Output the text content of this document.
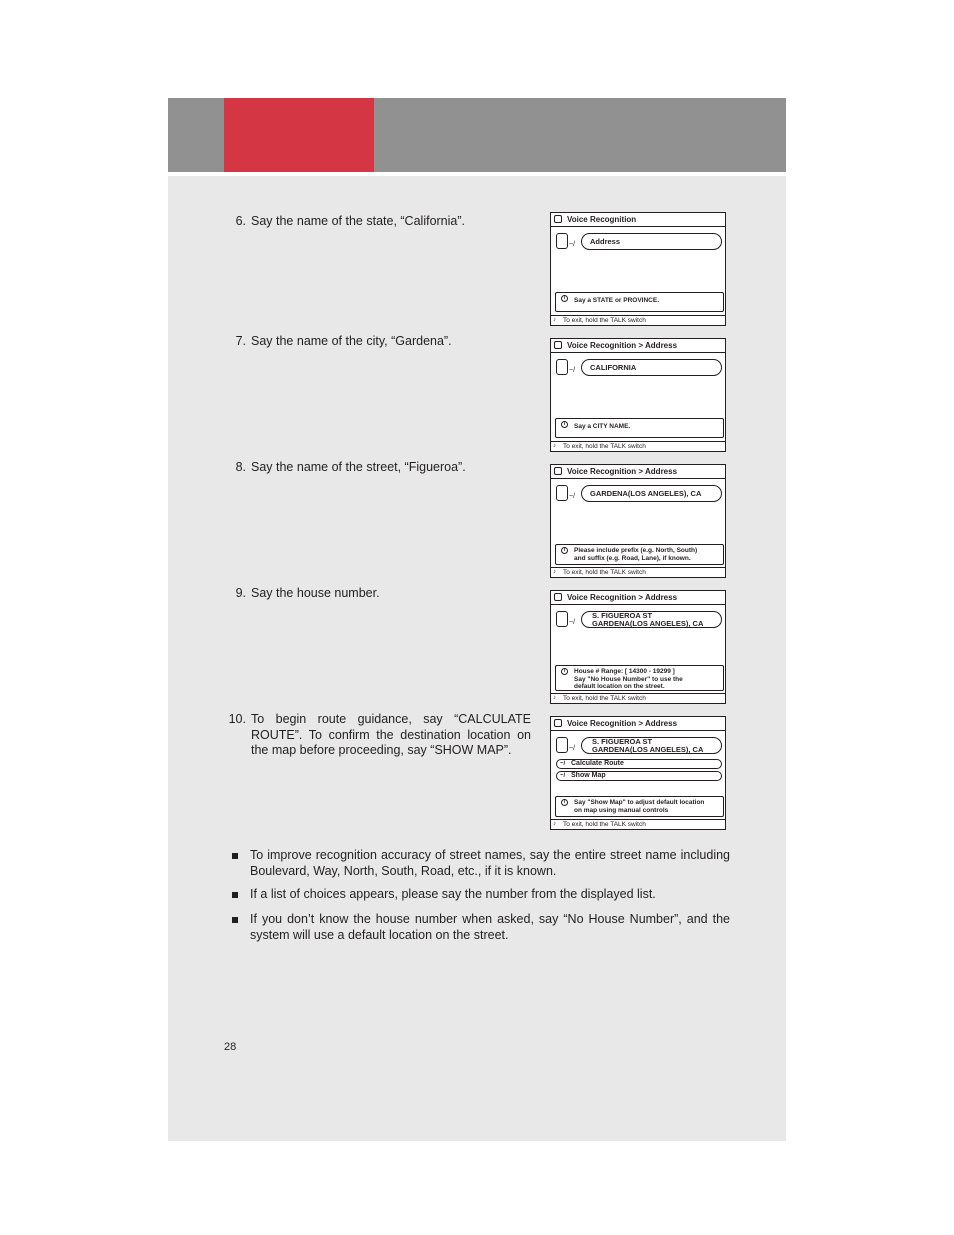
6. Say the name of the state, “California”.	Voice Recognition
~/	Address
i	Say a STATE or PROVINCE.
♪ To exit, hold the TALK switch
7. Say the name of the city, “Gardena”.	Voice Recognition > Address
~/	CALIFORNIA
i	Say a CITY NAME.
♪ To exit, hold the TALK switch
8. Say the name of the street, “Figueroa”.	Voice Recognition > Address
~/	GARDENA(LOS ANGELES), CA
i	Please include prefix (e.g. North, South)
and suffix (e.g. Road, Lane), if known.
♪ To exit, hold the TALK switch
9. Say the house number.	Voice Recognition > Address
~/
S. FIGUEROA ST
GARDENA(LOS ANGELES), CA
i	House # Range: [ 14300 - 19299 ]
Say "No House Number" to use the
default location on the street.
♪ To exit, hold the TALK switch
10. To begin route guidance, say “CALCULATE ROUTE”. To confirm the destination location on the map before proceeding, say “SHOW MAP”.
Voice Recognition > Address
~/
S. FIGUEROA ST
GARDENA(LOS ANGELES), CA
~/ Calculate Route
~/ Show Map
i	Say "Show Map" to adjust default location
on map using manual controls
♪ To exit, hold the TALK switch
To improve recognition accuracy of street names, say the entire street name including Boulevard, Way, North, South, Road, etc., if it is known.
If a list of choices appears, please say the number from the displayed list.
If you don’t know the house number when asked, say “No House Number”, and the system will use a default location on the street.
28
